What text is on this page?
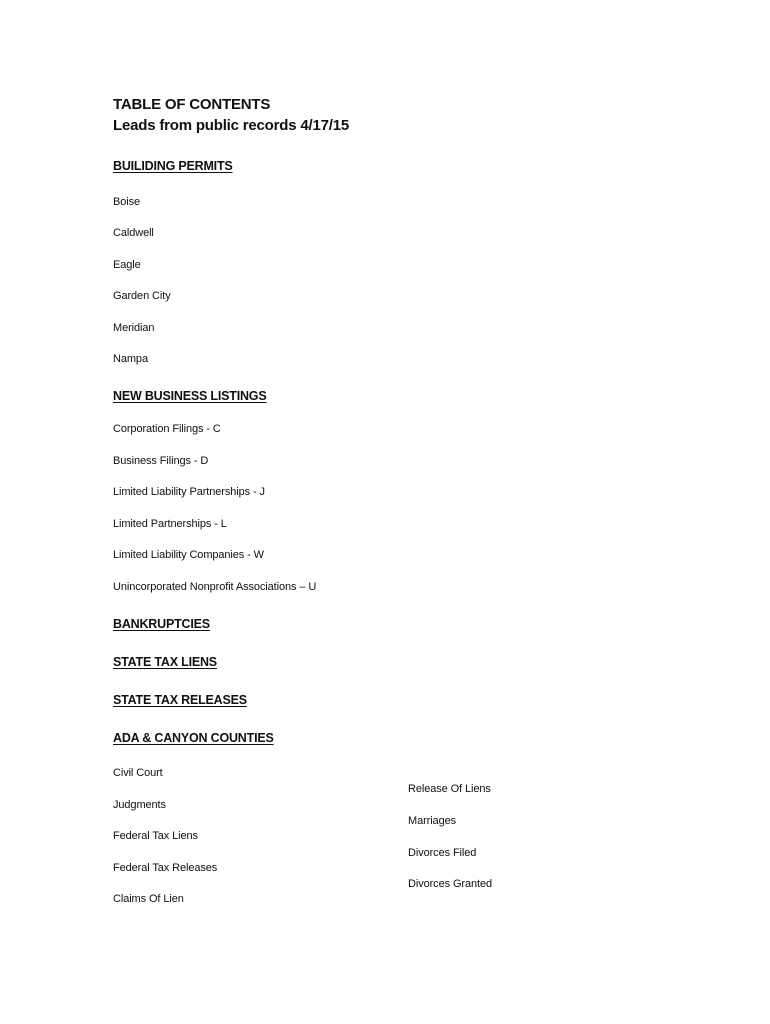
TABLE OF CONTENTS
Leads from public records 4/17/15
BUILIDING PERMITS
Boise
Caldwell
Eagle
Garden City
Meridian
Nampa
NEW BUSINESS LISTINGS
Corporation Filings - C
Business Filings - D
Limited Liability Partnerships - J
Limited Partnerships - L
Limited Liability Companies - W
Unincorporated Nonprofit Associations – U
BANKRUPTCIES
STATE TAX LIENS
STATE TAX RELEASES
ADA & CANYON COUNTIES
Civil Court
Judgments
Federal Tax Liens
Federal Tax Releases
Claims Of Lien
Release Of Liens
Marriages
Divorces Filed
Divorces Granted
